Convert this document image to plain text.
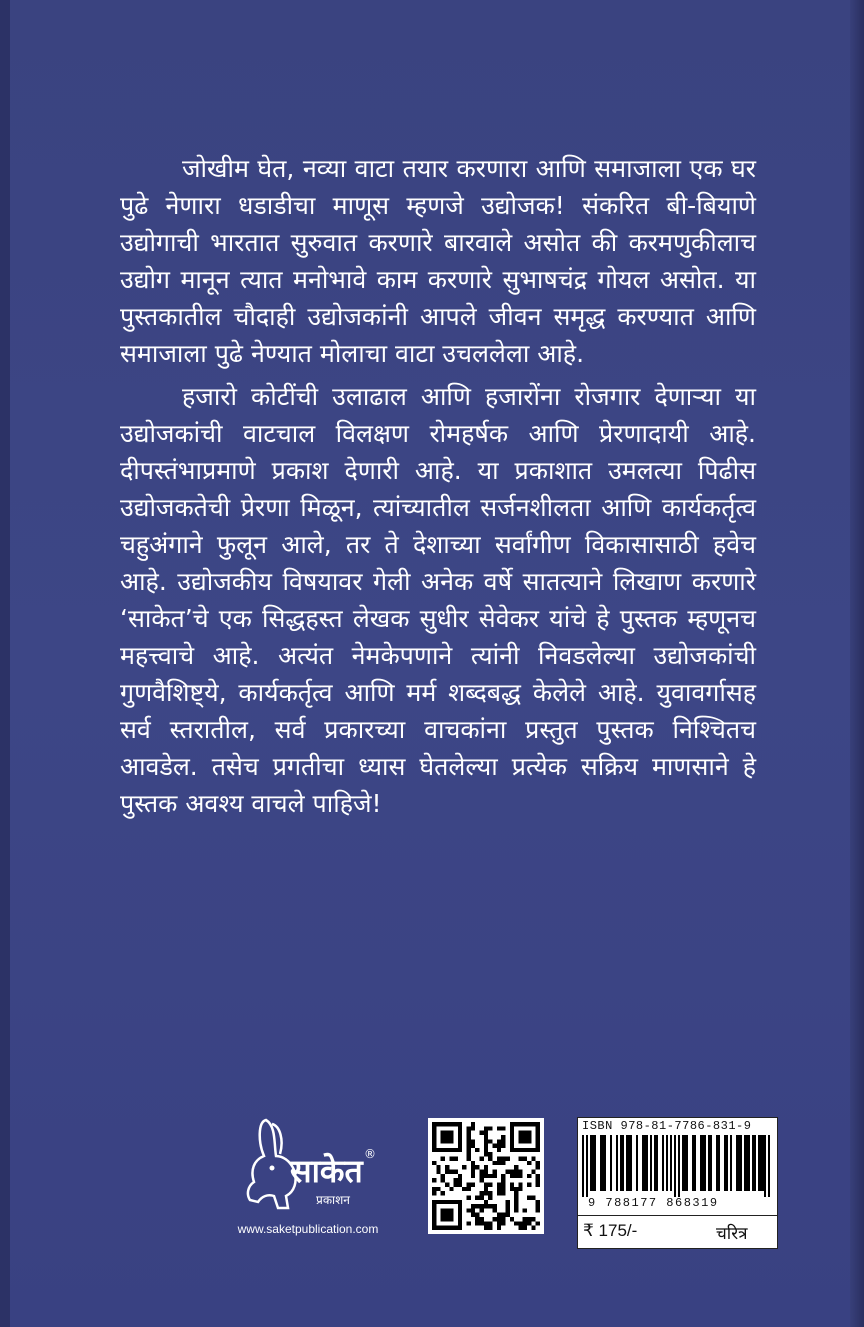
जोखीम घेत, नव्या वाटा तयार करणारा आणि समाजाला एक घर पुढे नेणारा धडाडीचा माणूस म्हणजे उद्योजक! संकरित बी-बियाणे उद्योगाची भारतात सुरुवात करणारे बारवाले असोत की करमणुकीलाच उद्योग मानून त्यात मनोभावे काम करणारे सुभाषचंद्र गोयल असोत. या पुस्तकातील चौदाही उद्योजकांनी आपले जीवन समृद्ध करण्यात आणि समाजाला पुढे नेण्यात मोलाचा वाटा उचललेला आहे.

हजारो कोटींची उलाढाल आणि हजारोंना रोजगार देणाऱ्या या उद्योजकांची वाटचाल विलक्षण रोमहर्षक आणि प्रेरणादायी आहे. दीपस्तंभाप्रमाणे प्रकाश देणारी आहे. या प्रकाशात उमलत्या पिढीस उद्योजकतेची प्रेरणा मिळून, त्यांच्यातील सर्जनशीलता आणि कार्यकर्तृत्व चहुअंगाने फुलून आले, तर ते देशाच्या सर्वांगीण विकासासाठी हवेच आहे. उद्योजकीय विषयावर गेली अनेक वर्षे सातत्याने लिखाण करणारे ‘साकेत’चे एक सिद्धहस्त लेखक सुधीर सेवेकर यांचे हे पुस्तक म्हणूनच महत्त्वाचे आहे. अत्यंत नेमकेपणाने त्यांनी निवडलेल्या उद्योजकांची गुणवैशिष्ट्ये, कार्यकर्तृत्व आणि मर्म शब्दबद्ध केलेले आहे. युवावर्गासह सर्व स्तरातील, सर्व प्रकारच्या वाचकांना प्रस्तुत पुस्तक निश्चितच आवडेल. तसेच प्रगतीचा ध्यास घेतलेल्या प्रत्येक सक्रिय माणसाने हे पुस्तक अवश्य वाचले पाहिजे!

साकेत
प्रकाशन
®
www.saketpublication.com
ISBN 978-81-7786-831-9
9 788177 868319
₹ 175/-	चरित्र
